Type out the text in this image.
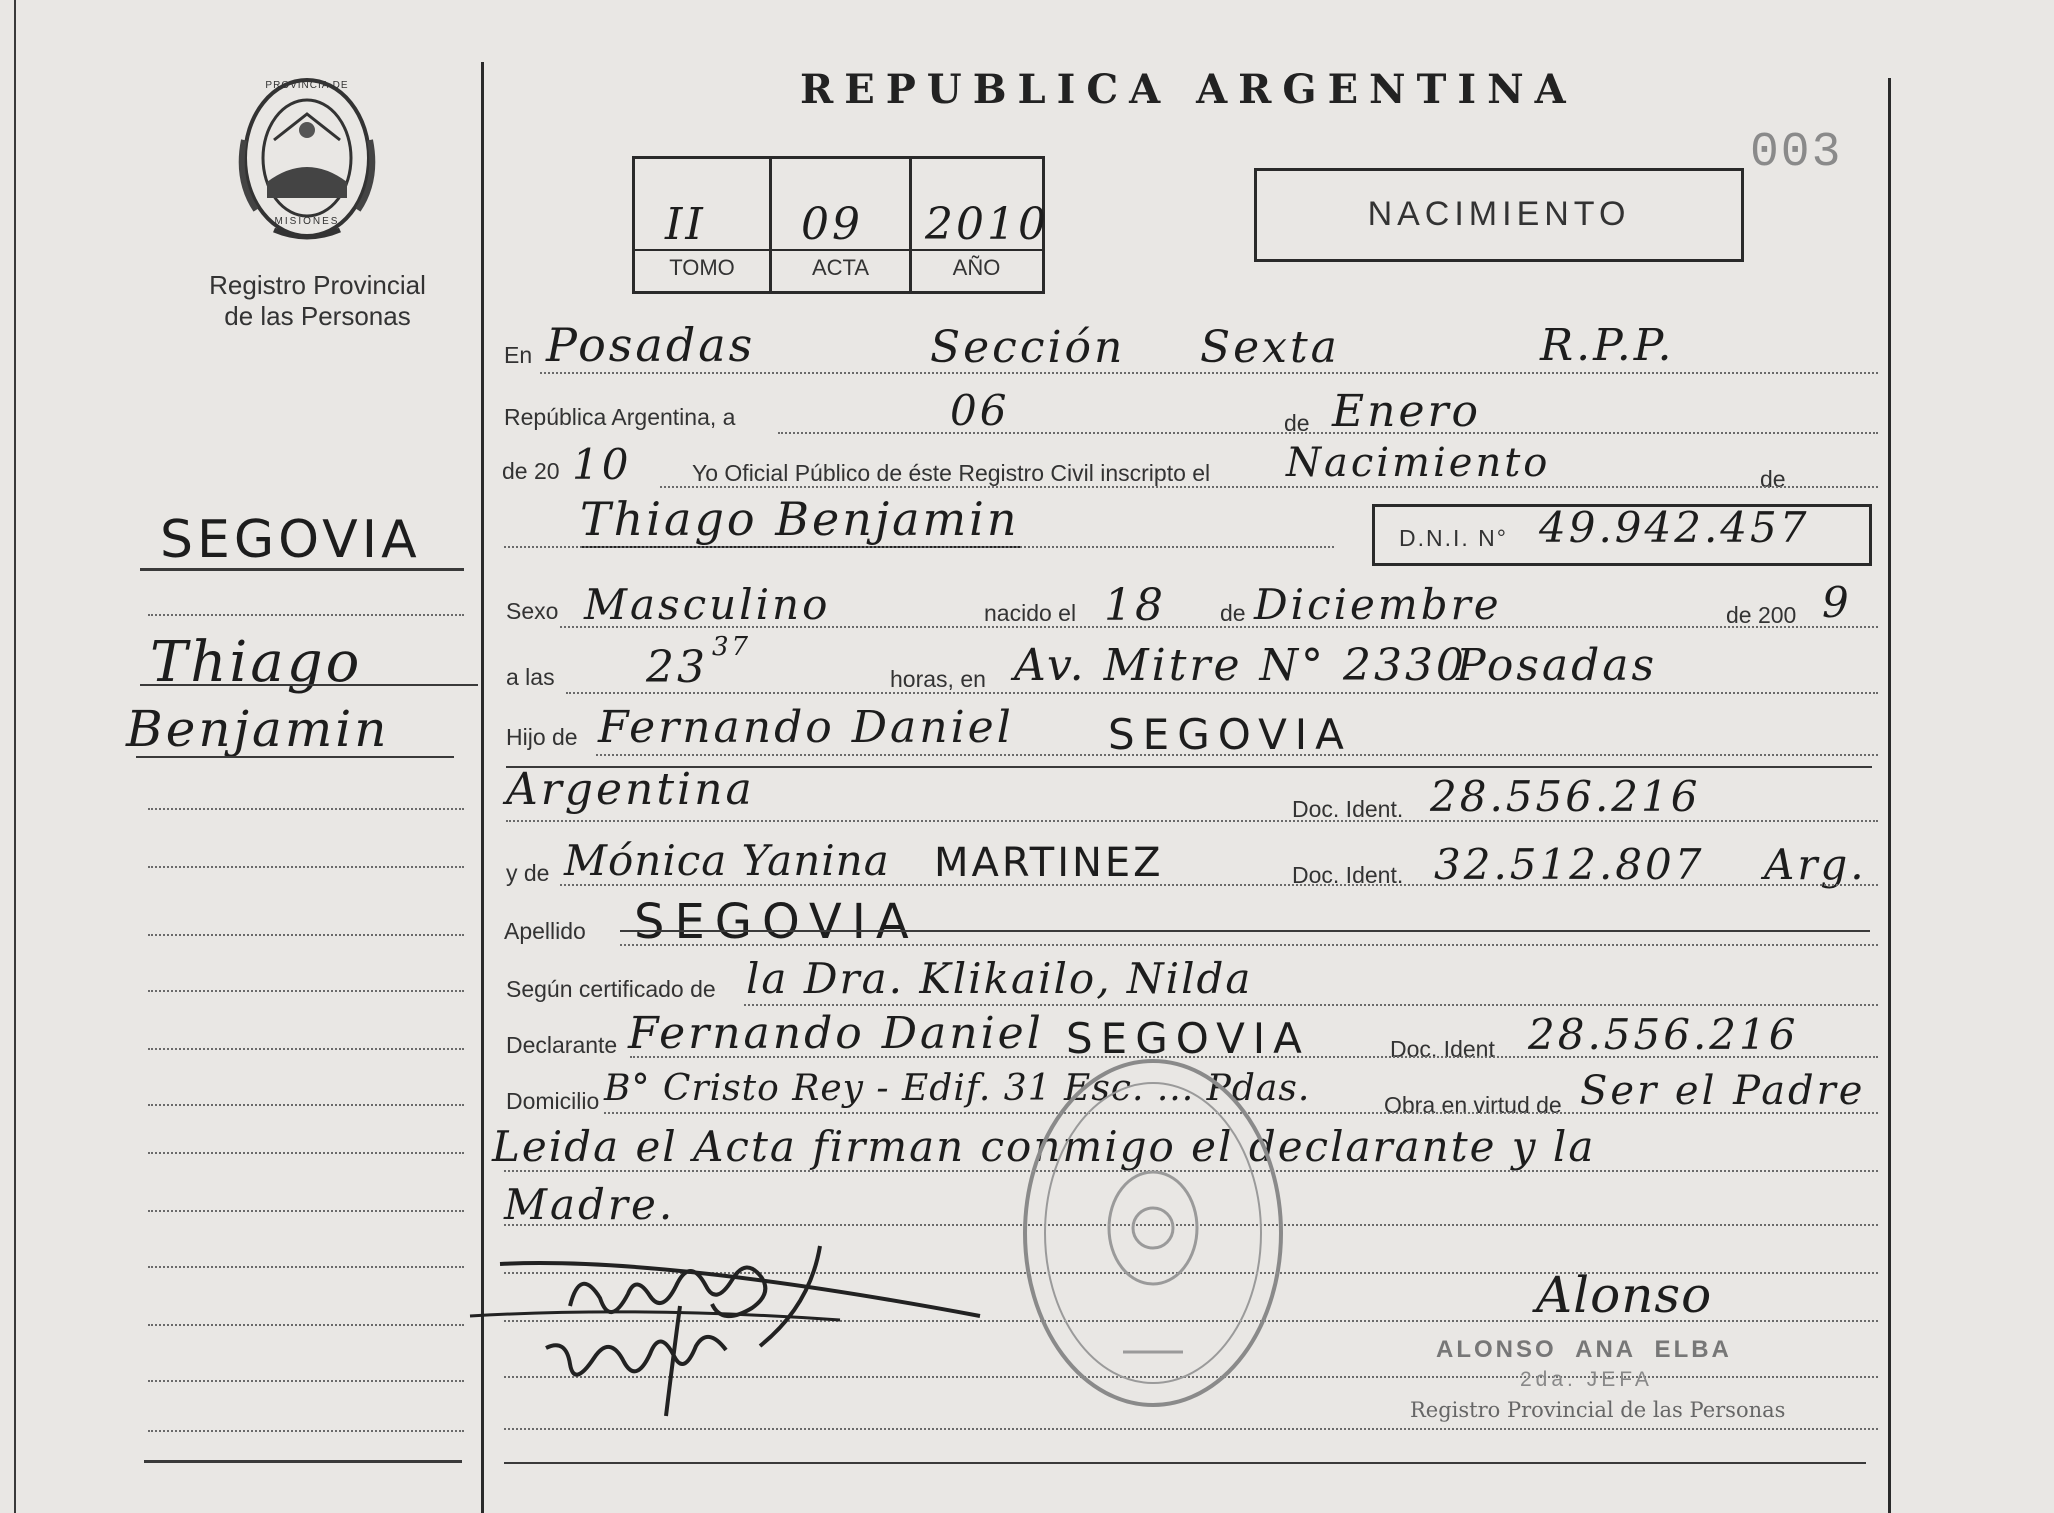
PROVINCIA DE
MISIONES
Registro Provincial
de las Personas
REPUBLICA ARGENTINA
003
II 09 2010
TOMO	ACTA	AÑO
NACIMIENTO
SEGOVIA
Thiago
Benjamin
En Posadas	Sección Sexta	R.P.P.
República Argentina, a	06	de Enero
de 20 10	Yo Oficial Público de éste Registro Civil inscripto el Nacimiento	de
Thiago Benjamin	D.N.I. N° 49.942.457
Sexo Masculino	nacido el 18 de Diciembre	de 200 9
a las 23 37
horas, en Av. Mitre N° 2330
Posadas
Hijo de Fernando Daniel SEGOVIA
Argentina	Doc. Ident. 28.556.216
y de Mónica Yanina MARTINEZ	Doc. Ident. 32.512.807 Arg.
Apellido SEGOVIA
Según certificado de la Dra. Klikailo, Nilda
Declarante Fernando Daniel SEGOVIA	Doc. Ident 28.556.216
Domicilio B° Cristo Rey - Edif. 31 Esc. ... Pdas.	Obra en virtud de Ser el Padre
Leida el Acta firman conmigo el declarante y la
Madre.
Alonso
ALONSO  ANA  ELBA
2da. JEFA
Registro Provincial de las Personas
